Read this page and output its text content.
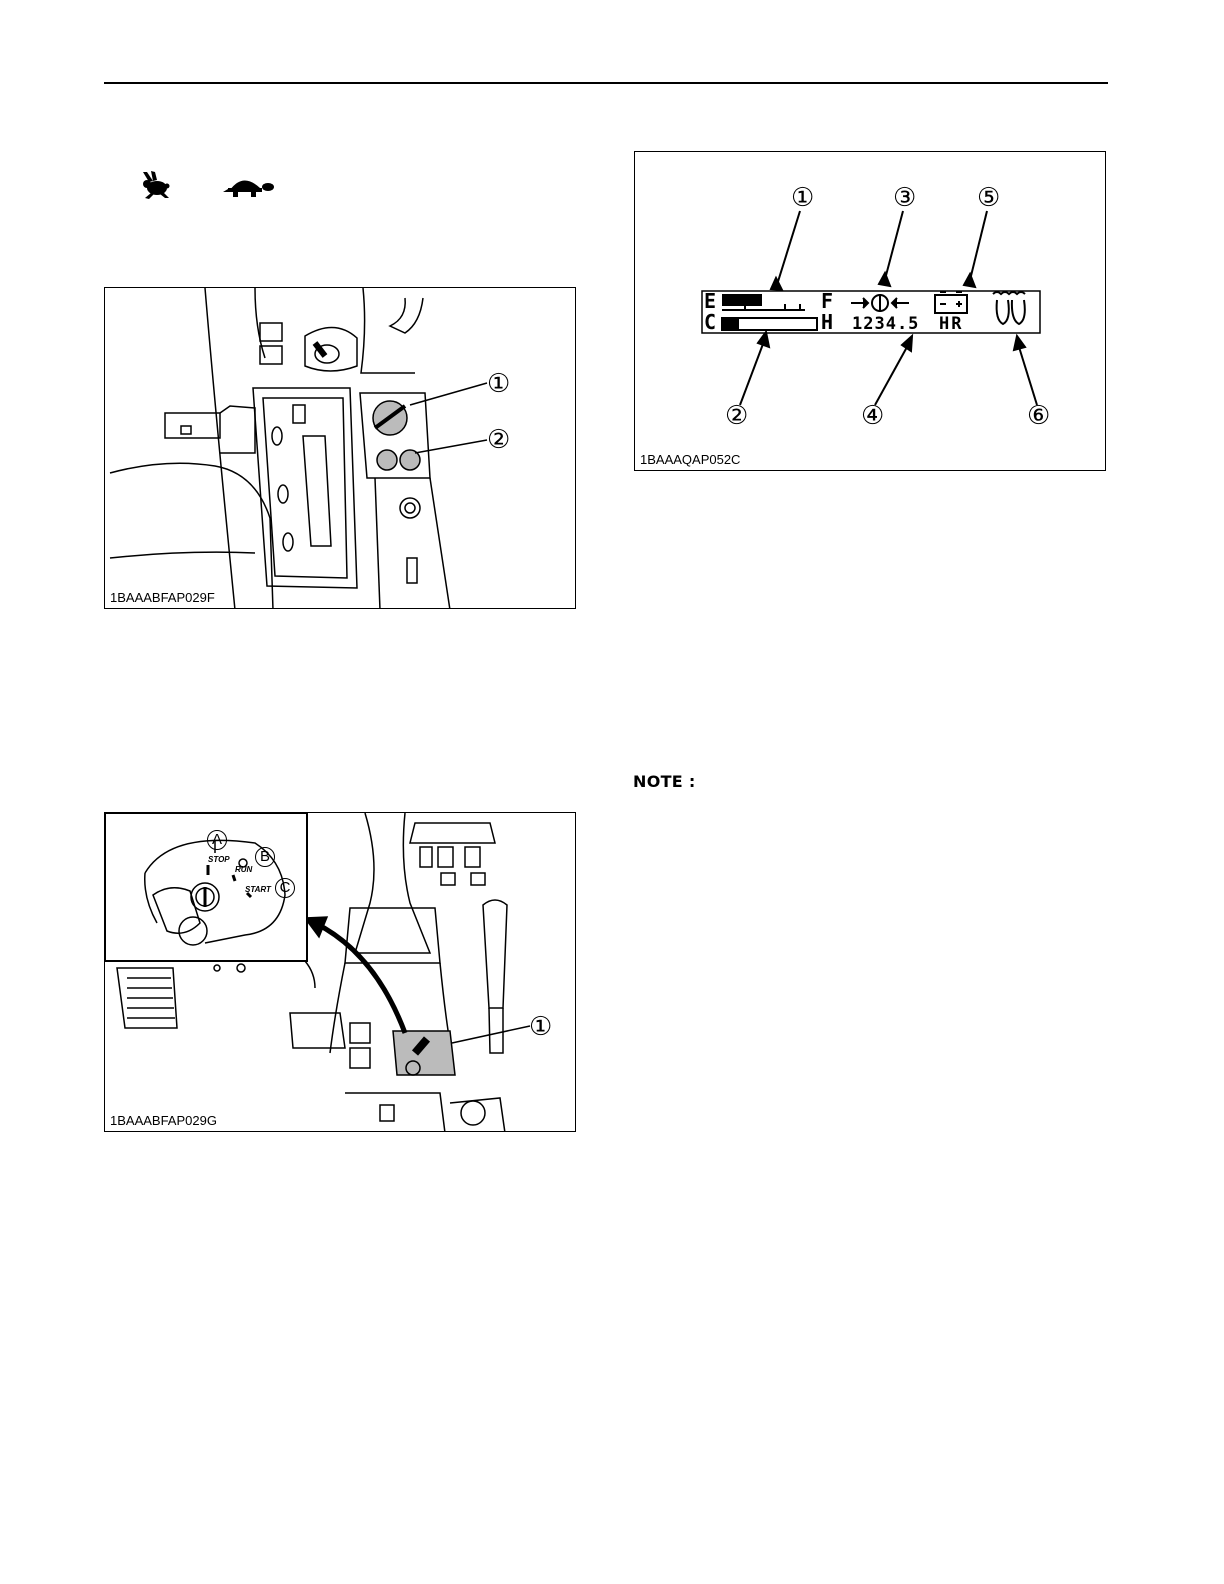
①
②
1BAAABFAP029F
A
B
C
STOP
RUN
START
①
1BAAABFAP029G
E
C
F
H 1234.5 HR
①	③ ⑤
②	④	⑥
1BAAAQAP052C
NOTE :
